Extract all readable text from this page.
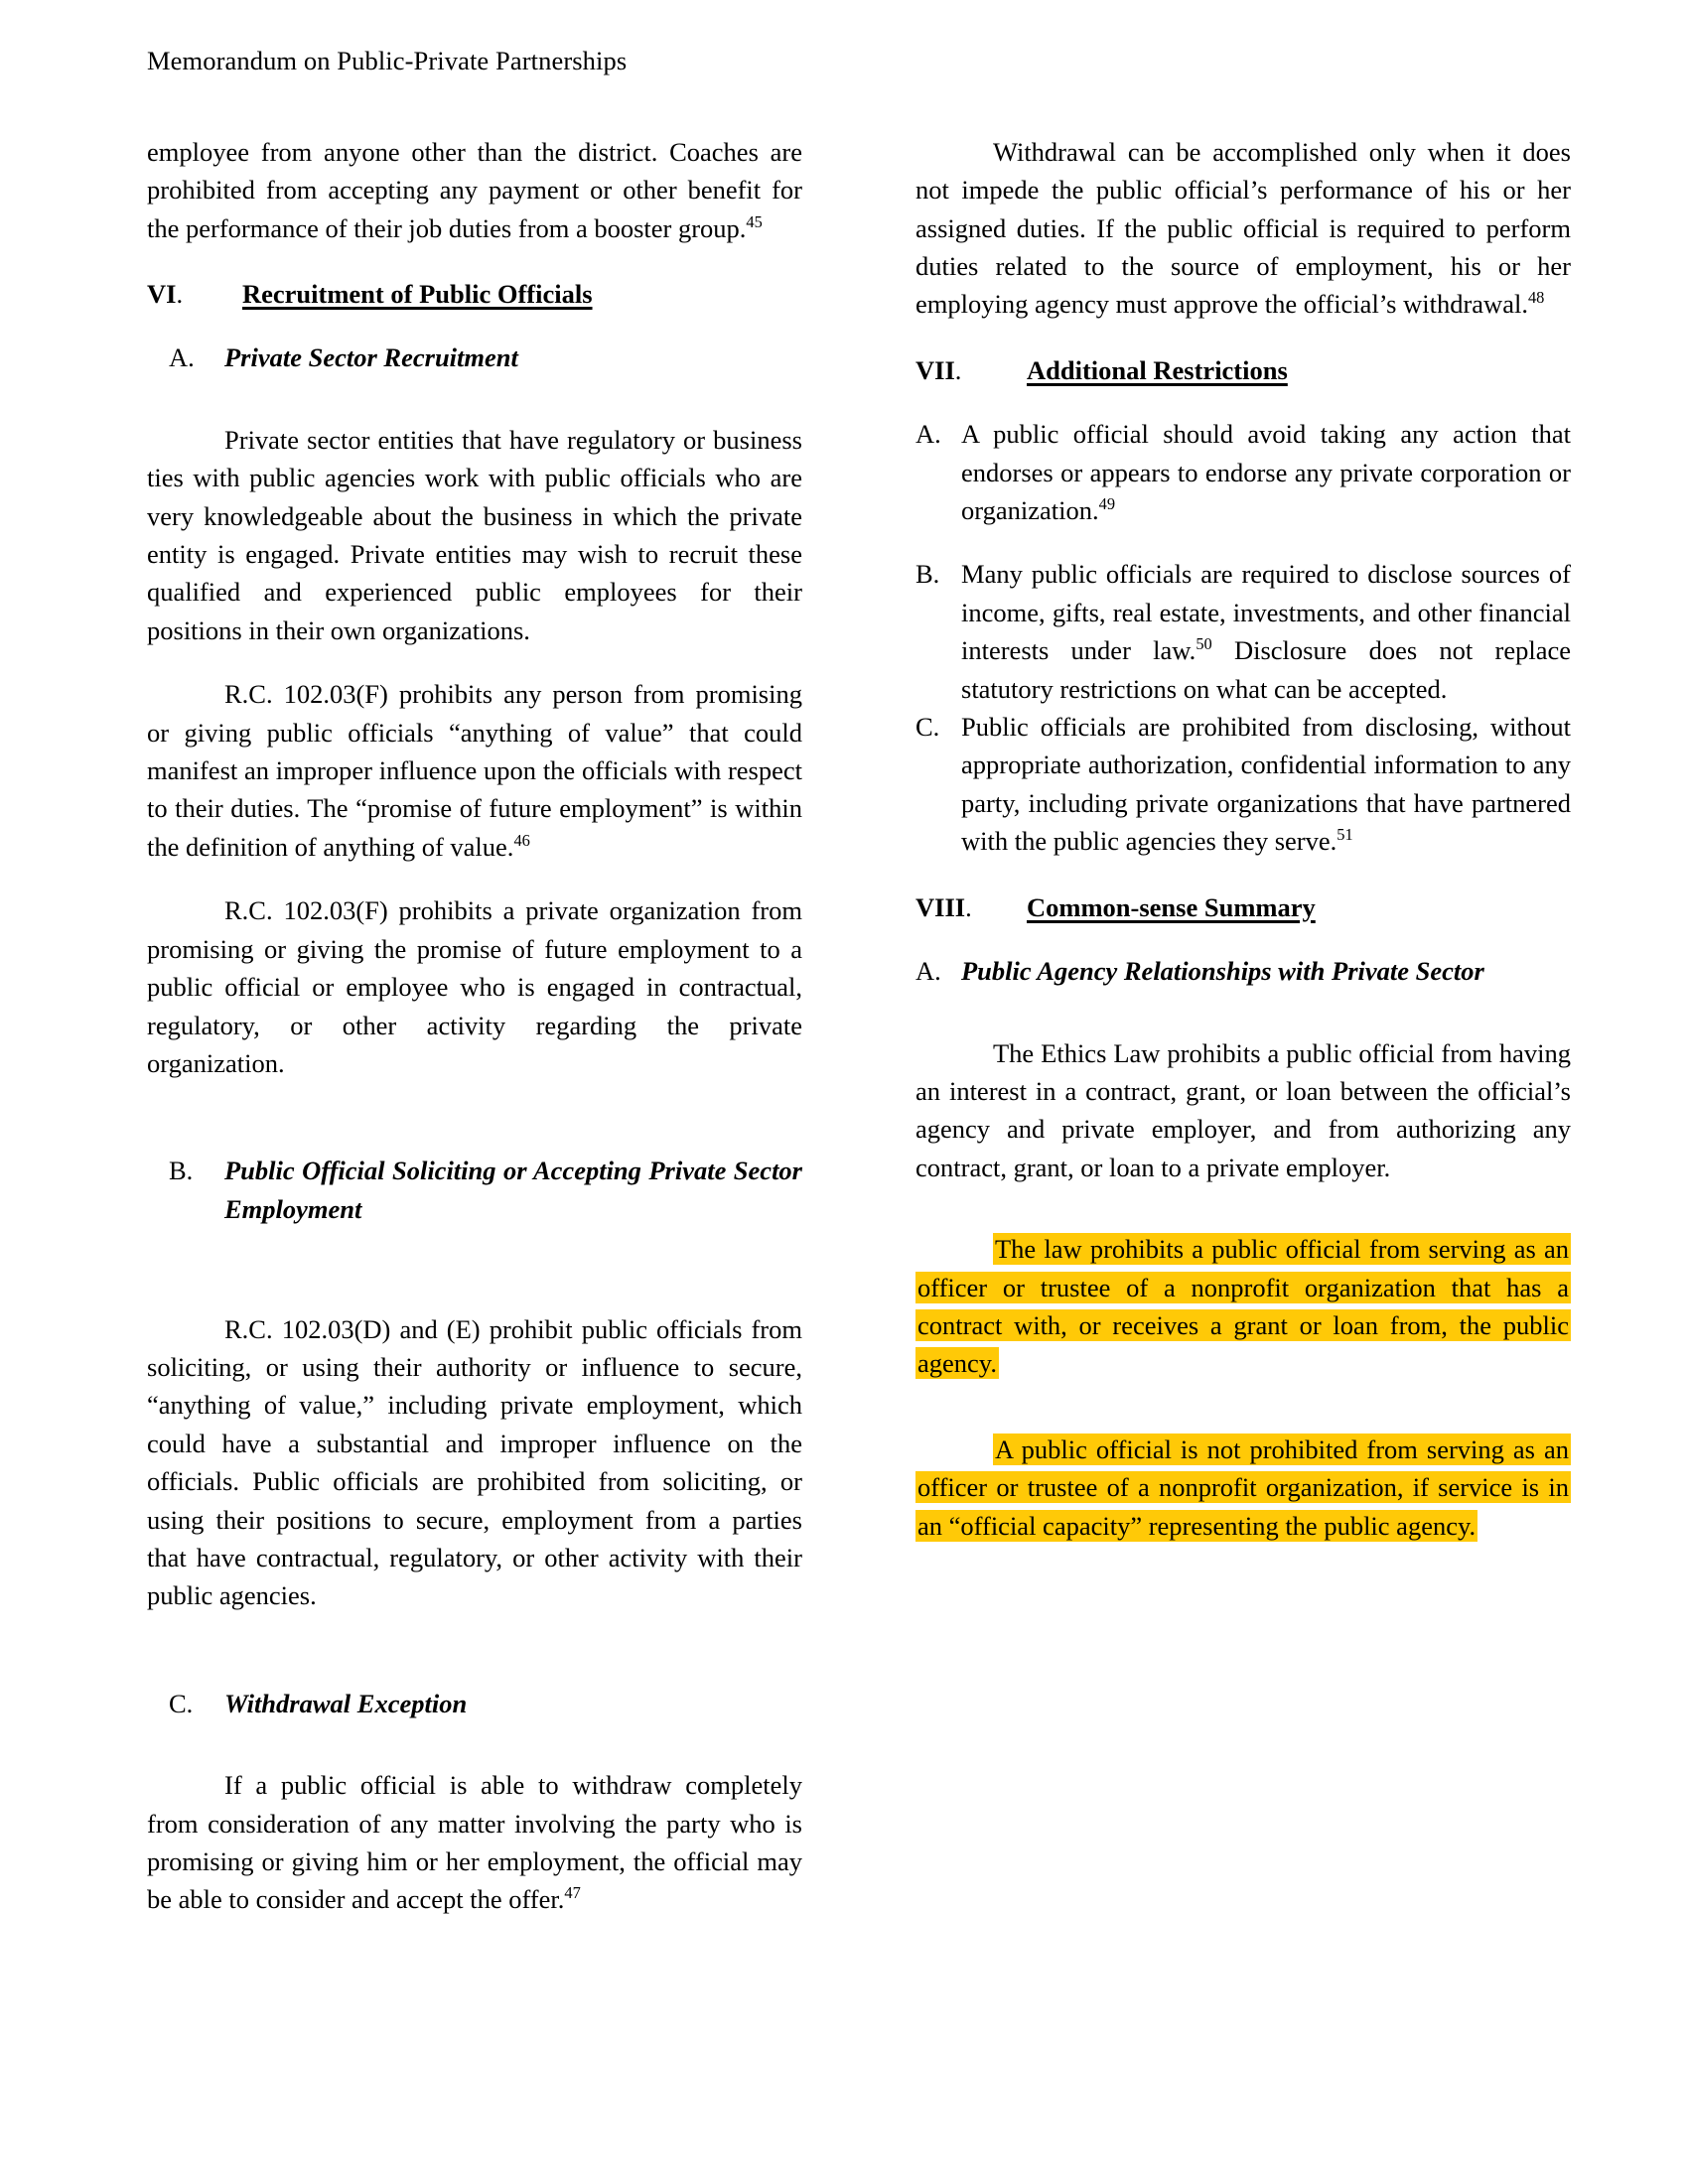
Memorandum on Public-Private Partnerships

employee from anyone other than the district. Coaches are prohibited from accepting any payment or other benefit for the performance of their job duties from a booster group.$^{45}$

VI.	Recruitment of Public Officials
A.	Private Sector Recruitment

Private sector entities that have regulatory or business ties with public agencies work with public officials who are very knowledgeable about the business in which the private entity is engaged. Private entities may wish to recruit these qualified and experienced public employees for their positions in their own organizations.

R.C. 102.03(F) prohibits any person from promising or giving public officials “anything of value” that could manifest an improper influence upon the officials with respect to their duties. The “promise of future employment” is within the definition of anything of value.$^{46}$

R.C. 102.03(F) prohibits a private organization from promising or giving the promise of future employment to a public official or employee who is engaged in contractual, regulatory, or other activity regarding the private organization.

B.	Public Official Soliciting or Accepting Private Sector Employment

R.C. 102.03(D) and (E) prohibit public officials from soliciting, or using their authority or influence to secure, “anything of value,” including private employment, which could have a substantial and improper influence on the officials. Public officials are prohibited from soliciting, or using their positions to secure, employment from a parties that have contractual, regulatory, or other activity with their public agencies.

C.	Withdrawal Exception

If a public official is able to withdraw completely from consideration of any matter involving the party who is promising or giving him or her employment, the official may be able to consider and accept the offer.$^{47}$

Withdrawal can be accomplished only when it does not impede the public official’s performance of his or her assigned duties. If the public official is required to perform duties related to the source of employment, his or her employing agency must approve the official’s withdrawal.$^{48}$

VII.	Additional Restrictions
A. A public official should avoid taking any action that endorses or appears to endorse any private corporation or organization.$^{49}$
B. Many public officials are required to disclose sources of income, gifts, real estate, investments, and other financial interests under law.$^{50}$ Disclosure does not replace statutory restrictions on what can be accepted.
C. Public officials are prohibited from disclosing, without appropriate authorization, confidential information to any party, including private organizations that have partnered with the public agencies they serve.$^{51}$
VIII.	Common-sense Summary
A. Public Agency Relationships with Private Sector

The Ethics Law prohibits a public official from having an interest in a contract, grant, or loan between the official’s agency and private employer, and from authorizing any contract, grant, or loan to a private employer.

The law prohibits a public official from serving as an officer or trustee of a nonprofit organization that has a contract with, or receives a grant or loan from, the public agency.

A public official is not prohibited from serving as an officer or trustee of a nonprofit organization, if service is in an “official capacity” representing the public agency.
